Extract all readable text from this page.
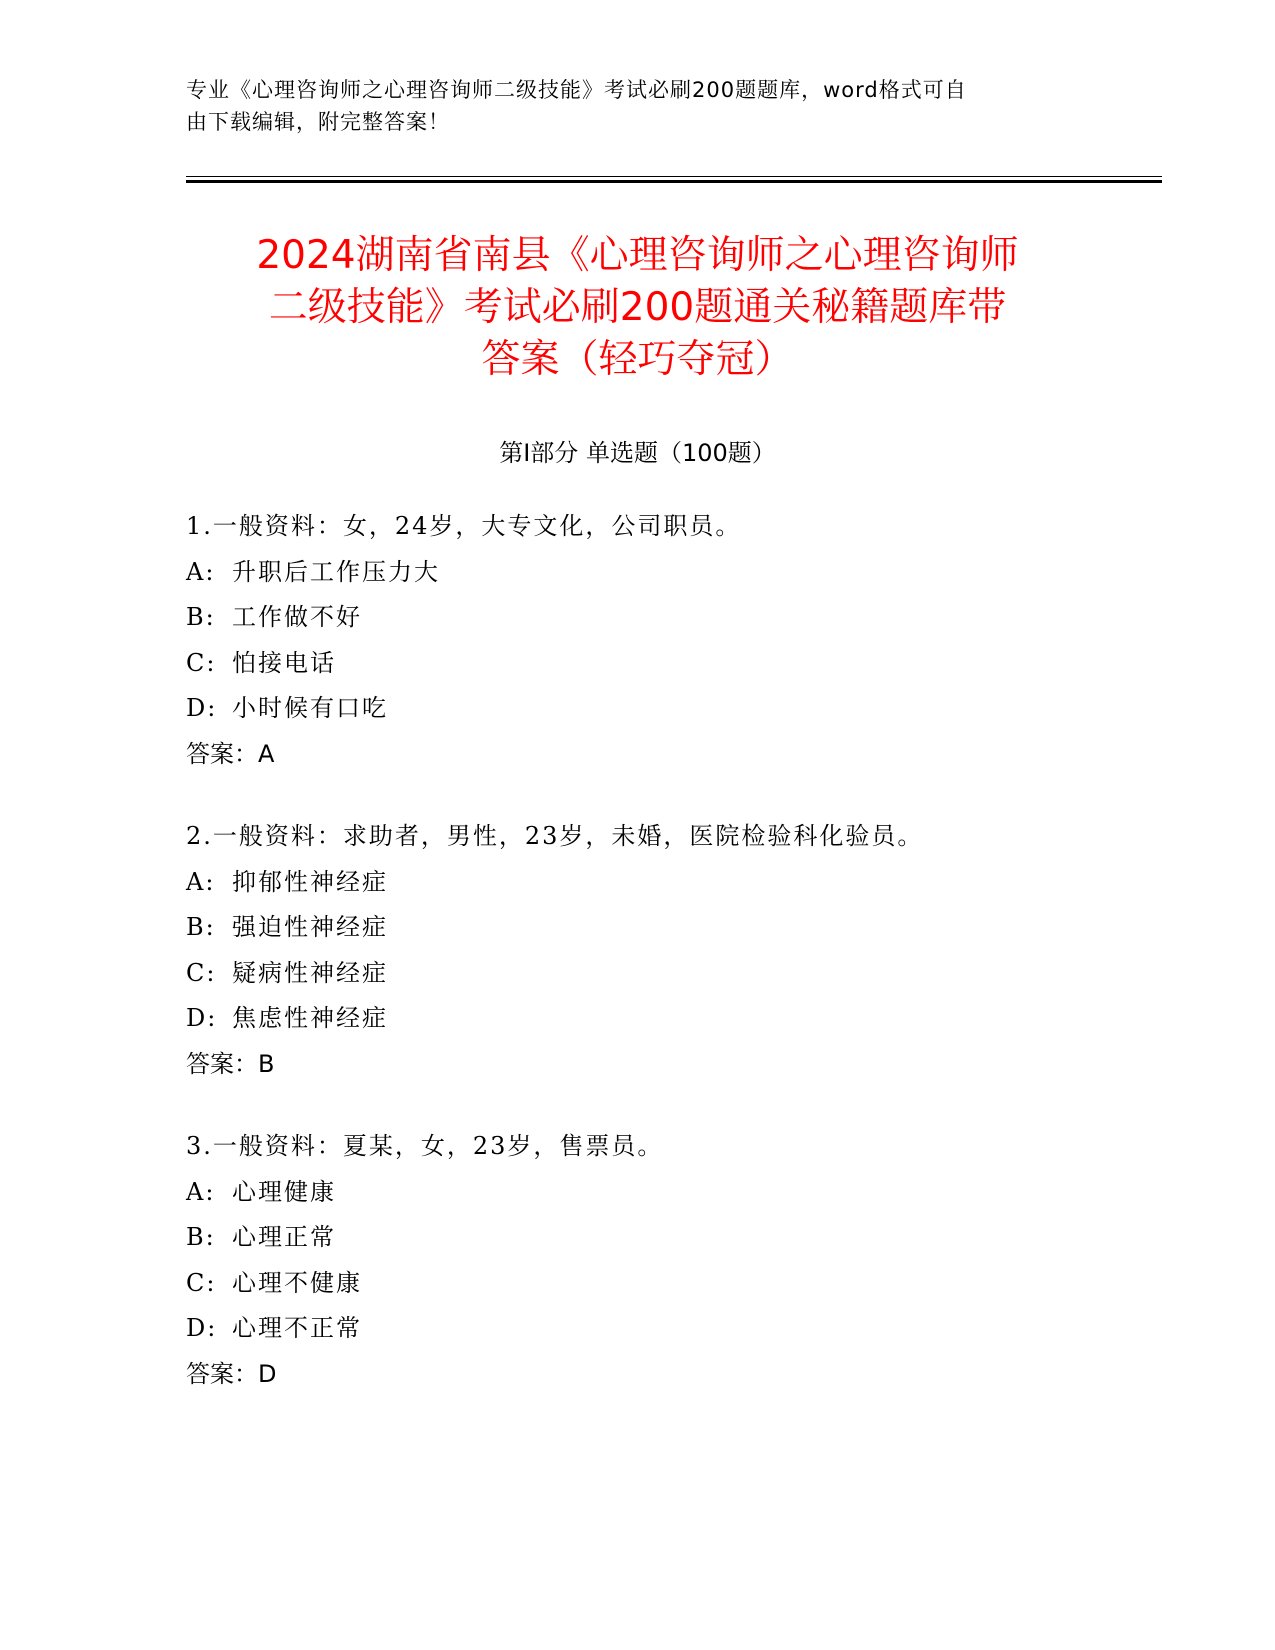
专业《心理咨询师之心理咨询师二级技能》考试必刷200题题库，word格式可自
由下载编辑，附完整答案！
2024湖南省南县《心理咨询师之心理咨询师
二级技能》考试必刷200题通关秘籍题库带
答案（轻巧夺冠）
第I部分 单选题（100题）
1.一般资料：女，24岁，大专文化，公司职员。
A: 升职后工作压力大
B: 工作做不好
C: 怕接电话
D: 小时候有口吃
答案：A
2.一般资料：求助者，男性，23岁，未婚，医院检验科化验员。
A: 抑郁性神经症
B: 强迫性神经症
C: 疑病性神经症
D: 焦虑性神经症
答案：B
3.一般资料：夏某，女，23岁，售票员。
A: 心理健康
B: 心理正常
C: 心理不健康
D: 心理不正常
答案：D
